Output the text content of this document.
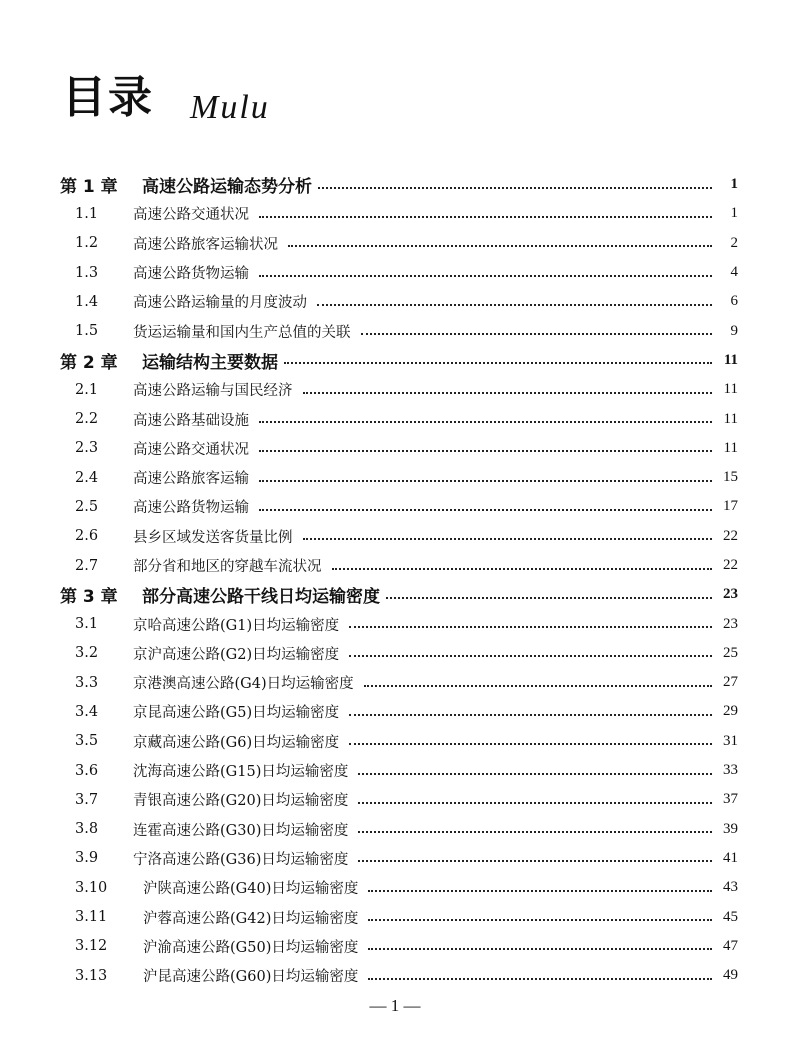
目录 Mulu
第 1 章	高速公路运输态势分析	1
1.1	高速公路交通状况	1
1.2	高速公路旅客运输状况	2
1.3	高速公路货物运输	4
1.4	高速公路运输量的月度波动	6
1.5	货运运输量和国内生产总值的关联	9
第 2 章	运输结构主要数据	11
2.1	高速公路运输与国民经济	11
2.2	高速公路基础设施	11
2.3	高速公路交通状况	11
2.4	高速公路旅客运输	15
2.5	高速公路货物运输	17
2.6	县乡区域发送客货量比例	22
2.7	部分省和地区的穿越车流状况	22
第 3 章	部分高速公路干线日均运输密度	23
3.1	京哈高速公路(G1)日均运输密度	23
3.2	京沪高速公路(G2)日均运输密度	25
3.3	京港澳高速公路(G4)日均运输密度	27
3.4	京昆高速公路(G5)日均运输密度	29
3.5	京藏高速公路(G6)日均运输密度	31
3.6	沈海高速公路(G15)日均运输密度	33
3.7	青银高速公路(G20)日均运输密度	37
3.8	连霍高速公路(G30)日均运输密度	39
3.9	宁洛高速公路(G36)日均运输密度	41
3.10	沪陕高速公路(G40)日均运输密度	43
3.11	沪蓉高速公路(G42)日均运输密度	45
3.12	沪渝高速公路(G50)日均运输密度	47
3.13	沪昆高速公路(G60)日均运输密度	49
— 1 —
